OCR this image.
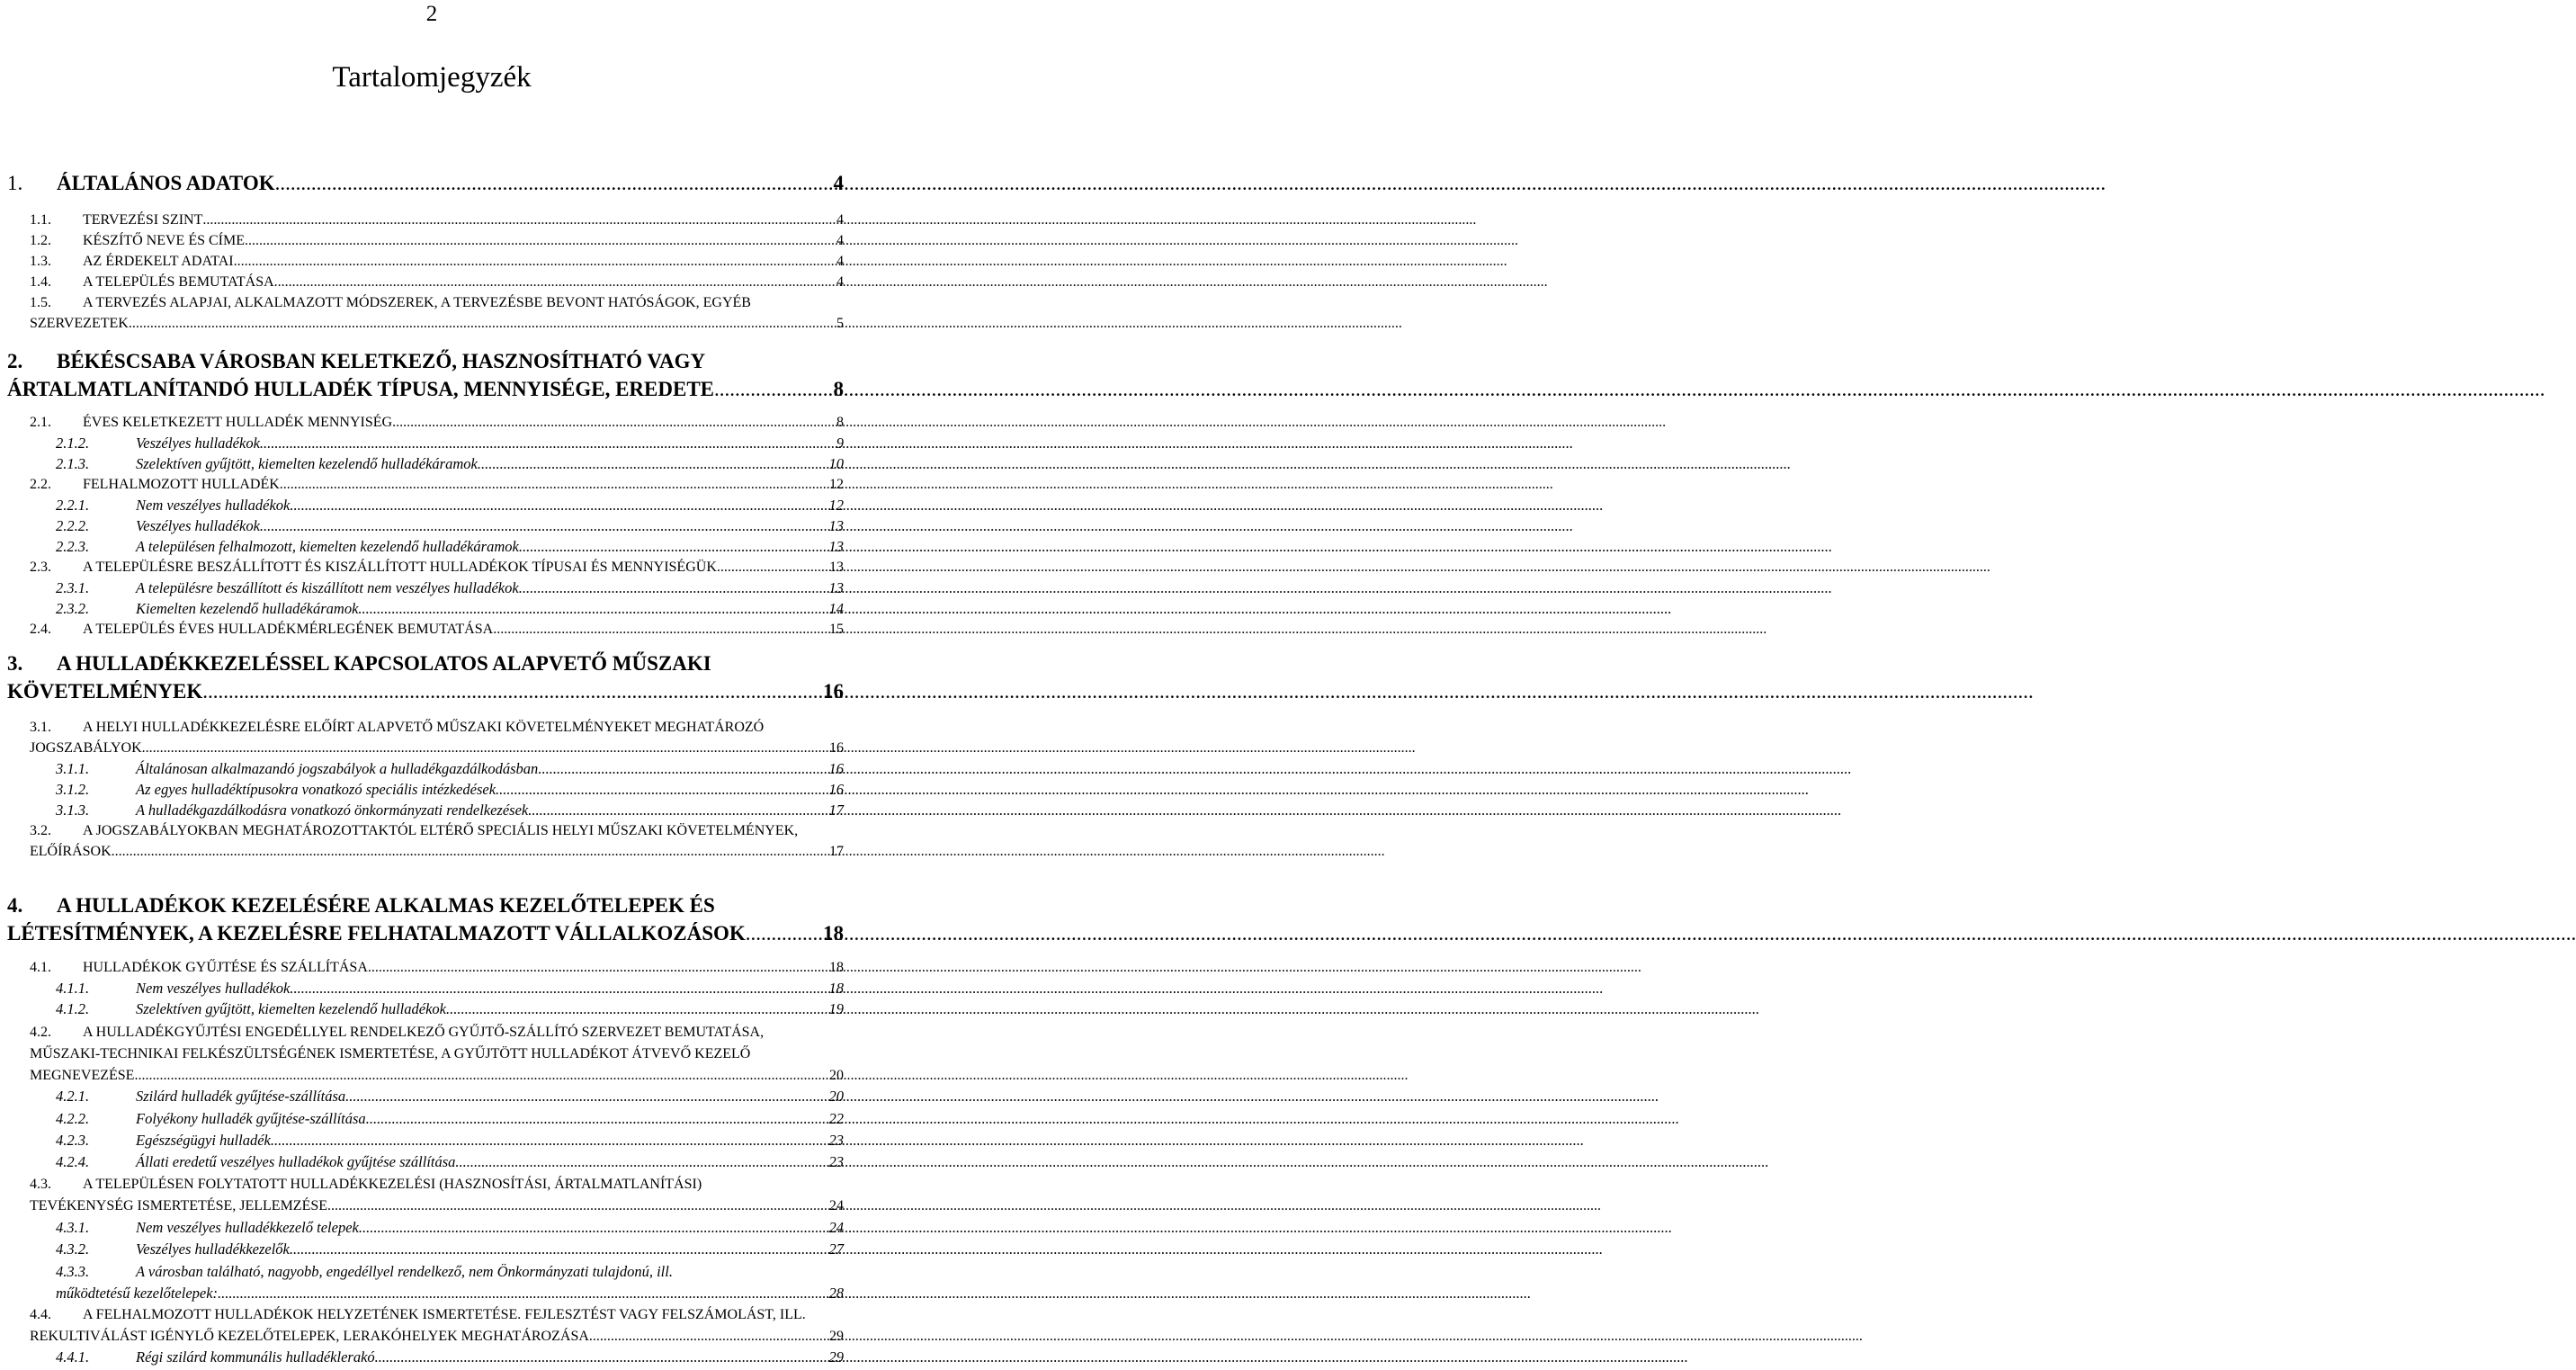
2
Tartalomjegyzék
1.	ÁLTALÁNOS ADATOK .....	4
1.1.	TERVEZÉSI SZINT .....	4
1.2.	KÉSZÍTŐ NEVE ÉS CÍME .....	4
1.3.	AZ ÉRDEKELT ADATAI .....	4
1.4.	A TELEPÜLÉS BEMUTATÁSA .....	4
1.5.	A TERVEZÉS ALAPJAI, ALKALMAZOTT MÓDSZEREK, A TERVEZÉSBE BEVONT HATÓSÁGOK, EGYÉB
SZERVEZETEK .....	5
2.	BÉKÉSCSABA VÁROSBAN KELETKEZŐ, HASZNOSÍTHATÓ VAGY
ÁRTALMATLANÍTANDÓ HULLADÉK TÍPUSA, MENNYISÉGE, EREDETE .....	8
2.1.	ÉVES KELETKEZETT HULLADÉK MENNYISÉG .....	8
2.1.2.	Veszélyes hulladékok .....	9
2.1.3.	Szelektíven gyűjtött, kiemelten kezelendő hulladékáramok .....	10
2.2.	FELHALMOZOTT HULLADÉK .....	12
2.2.1.	Nem veszélyes hulladékok .....	12
2.2.2.	Veszélyes hulladékok .....	13
2.2.3.	A településen felhalmozott, kiemelten kezelendő hulladékáramok .....	13
2.3.	A TELEPÜLÉSRE BESZÁLLÍTOTT ÉS KISZÁLLÍTOTT HULLADÉKOK TÍPUSAI ÉS MENNYISÉGÜK .....	13
2.3.1.	A településre beszállított és kiszállított nem veszélyes hulladékok .....	13
2.3.2.	Kiemelten kezelendő hulladékáramok .....	14
2.4.	A TELEPÜLÉS ÉVES HULLADÉKMÉRLEGÉNEK BEMUTATÁSA .....	15
3.	A HULLADÉKKEZELÉSSEL KAPCSOLATOS ALAPVETŐ MŰSZAKI
KÖVETELMÉNYEK .....	16
3.1.	A HELYI HULLADÉKKEZELÉSRE ELŐÍRT ALAPVETŐ MŰSZAKI KÖVETELMÉNYEKET MEGHATÁROZÓ
JOGSZABÁLYOK .....	16
3.1.1.	Általánosan alkalmazandó jogszabályok a hulladékgazdálkodásban .....	16
3.1.2.	Az egyes hulladéktípusokra vonatkozó speciális intézkedések .....	16
3.1.3.	A hulladékgazdálkodásra vonatkozó önkormányzati rendelkezések .....	17
3.2.	A JOGSZABÁLYOKBAN MEGHATÁROZOTTAKTÓL ELTÉRŐ SPECIÁLIS HELYI MŰSZAKI KÖVETELMÉNYEK,
ELŐÍRÁSOK .....	17
4.	A HULLADÉKOK KEZELÉSÉRE ALKALMAS KEZELŐTELEPEK ÉS
LÉTESÍTMÉNYEK, A KEZELÉSRE FELHATALMAZOTT VÁLLALKOZÁSOK .....	18
4.1.	HULLADÉKOK GYŰJTÉSE ÉS SZÁLLÍTÁSA .....	18
4.1.1.	Nem veszélyes hulladékok .....	18
4.1.2.	Szelektíven gyűjtött, kiemelten kezelendő hulladékok .....	19
4.2.	A HULLADÉKGYŰJTÉSI ENGEDÉLLYEL RENDELKEZŐ GYŰJTŐ-SZÁLLÍTÓ SZERVEZET BEMUTATÁSA,
MŰSZAKI-TECHNIKAI FELKÉSZÜLTSÉGÉNEK ISMERTETÉSE, A GYŰJTÖTT HULLADÉKOT ÁTVEVŐ KEZELŐ
MEGNEVEZÉSE .....	20
4.2.1.	Szilárd hulladék gyűjtése-szállítása .....	20
4.2.2.	Folyékony hulladék gyűjtése-szállítása .....	22
4.2.3.	Egészségügyi hulladék .....	23
4.2.4.	Állati eredetű veszélyes hulladékok gyűjtése szállítása .....	23
4.3.	A TELEPÜLÉSEN FOLYTATOTT HULLADÉKKEZELÉSI (HASZNOSÍTÁSI, ÁRTALMATLANÍTÁSI)
TEVÉKENYSÉG ISMERTETÉSE, JELLEMZÉSE .....	24
4.3.1.	Nem veszélyes hulladékkezelő telepek .....	24
4.3.2.	Veszélyes hulladékkezelők .....	27
4.3.3.	A városban található, nagyobb, engedéllyel rendelkező, nem Önkormányzati tulajdonú, ill.
működtetésű kezelőtelepek: .....	28
4.4.	A FELHALMOZOTT HULLADÉKOK HELYZETÉNEK ISMERTETÉSE. FEJLESZTÉST VAGY FELSZÁMOLÁST, ILL.
REKULTIVÁLÁST IGÉNYLŐ KEZELŐTELEPEK, LERAKÓHELYEK MEGHATÁROZÁSA .....	29
4.4.1.	Régi szilárd kommunális hulladéklerakó .....	29
